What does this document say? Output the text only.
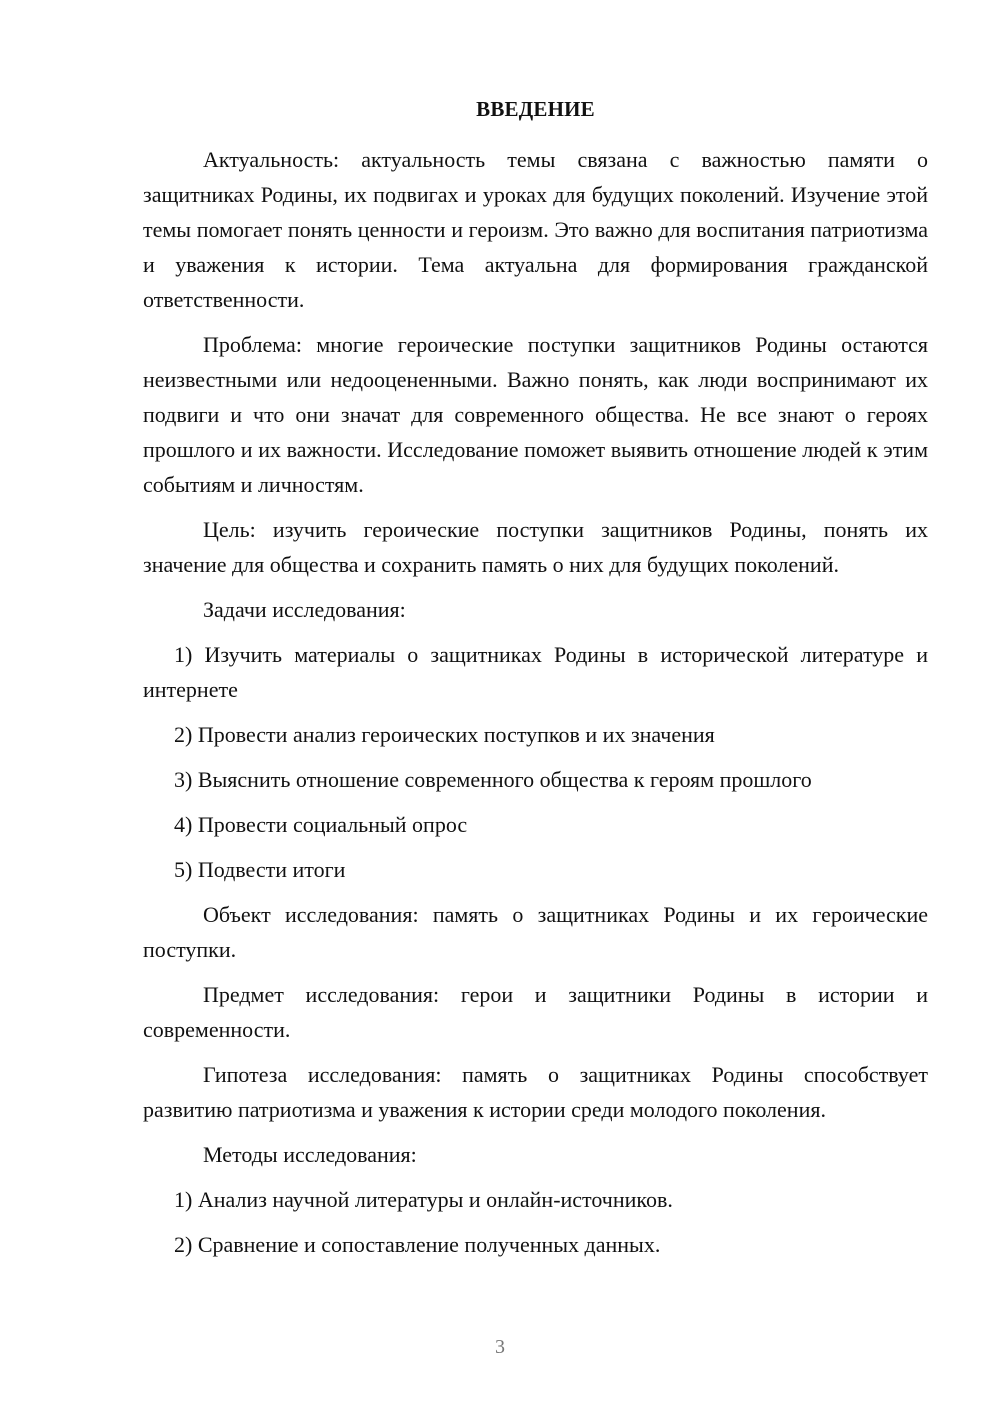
ВВЕДЕНИЕ

Актуальность: актуальность темы связана с важностью памяти о защитниках Родины, их подвигах и уроках для будущих поколений. Изучение этой темы помогает понять ценности и героизм. Это важно для воспитания патриотизма и уважения к истории. Тема актуальна для формирования гражданской ответственности.

Проблема: многие героические поступки защитников Родины остаются неизвестными или недооцененными. Важно понять, как люди воспринимают их подвиги и что они значат для современного общества. Не все знают о героях прошлого и их важности. Исследование поможет выявить отношение людей к этим событиям и личностям.

Цель: изучить героические поступки защитников Родины, понять их значение для общества и сохранить память о них для будущих поколений.

Задачи исследования:

1) Изучить материалы о защитниках Родины в исторической литературе и интернете

2) Провести анализ героических поступков и их значения

3) Выяснить отношение современного общества к героям прошлого

4) Провести социальный опрос

5) Подвести итоги

Объект исследования: память о защитниках Родины и их героические поступки.

Предмет исследования: герои и защитники Родины в истории и современности.

Гипотеза исследования: память о защитниках Родины способствует развитию патриотизма и уважения к истории среди молодого поколения.

Методы исследования:

1) Анализ научной литературы и онлайн-источников.

2) Сравнение и сопоставление полученных данных.

3
